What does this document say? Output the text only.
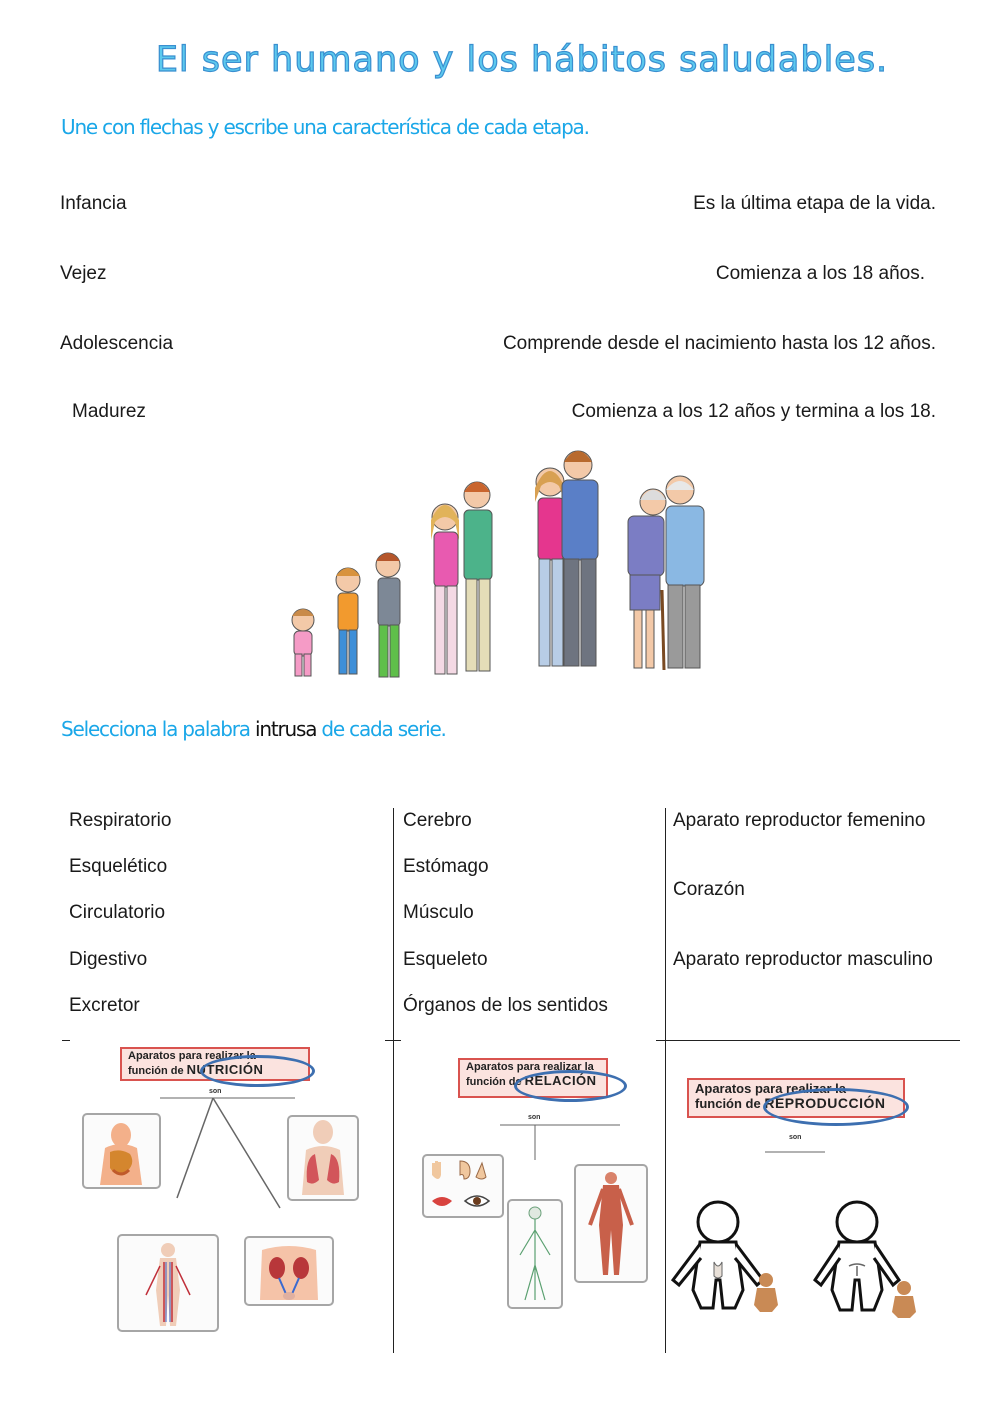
El ser humano y los hábitos saludables.
Une con flechas y escribe una característica de cada etapa.
Infancia
Vejez
Adolescencia
Madurez
Es la última etapa de la vida.
Comienza a los 18 años.
Comprende desde el nacimiento hasta los 12 años.
Comienza a los 12 años y termina a los 18.
Selecciona la palabra intrusa de cada serie.
Respiratorio
Esquelético
Circulatorio
Digestivo
Excretor
Cerebro
Estómago
Músculo
Esqueleto
Órganos de los sentidos
Aparato reproductor femenino
Corazón
Aparato reproductor masculino
Aparatos para realizar la
función de NUTRICIÓN
son
Aparatos para realizar la
función de RELACIÓN
son
Aparatos para realizar la
función de REPRODUCCIÓN
son
